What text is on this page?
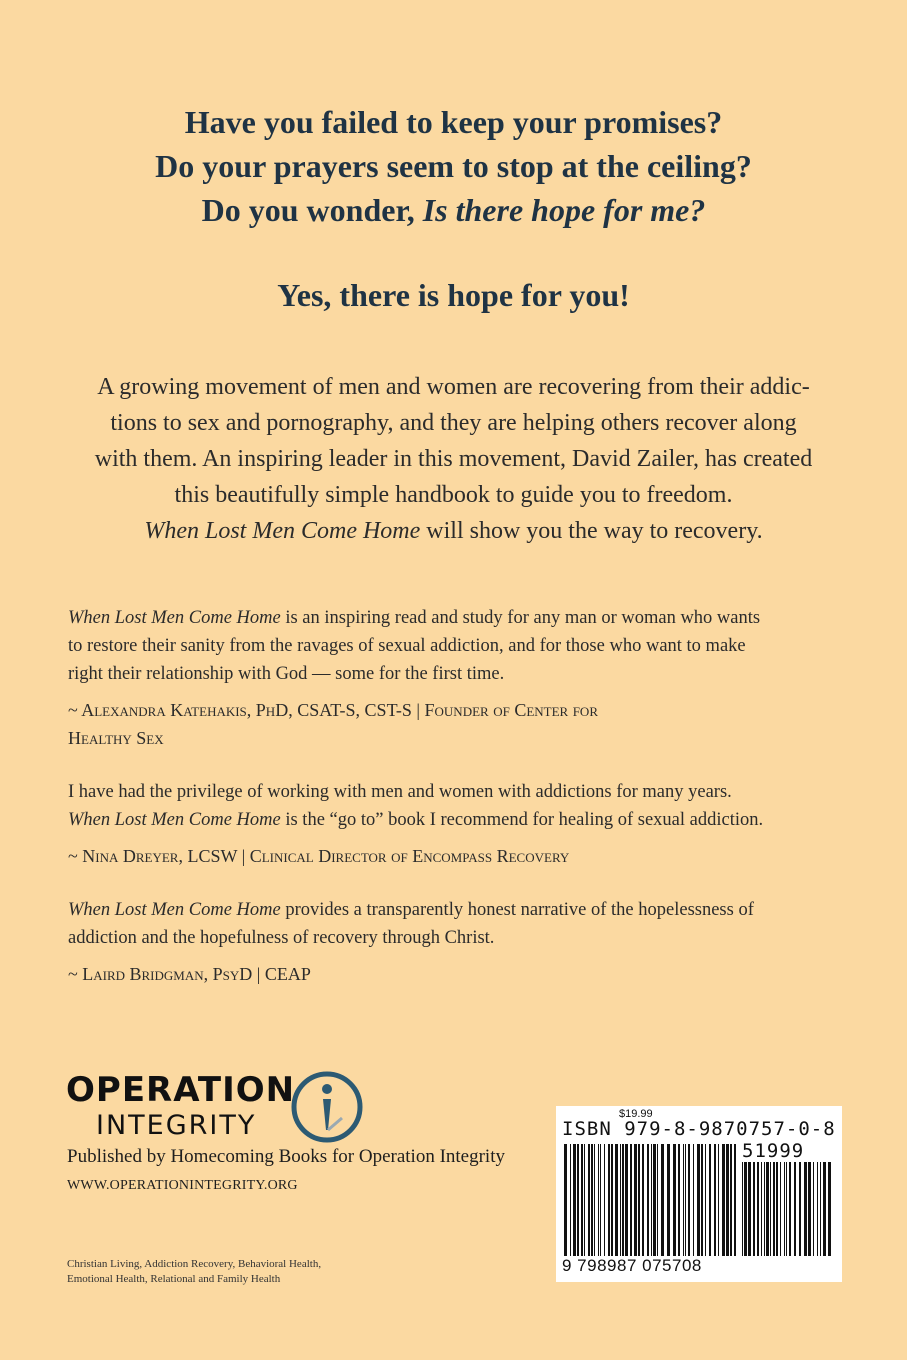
Have you failed to keep your promises?
Do your prayers seem to stop at the ceiling?
Do you wonder, Is there hope for me?
Yes, there is hope for you!
A growing movement of men and women are recovering from their addic-
tions to sex and pornography, and they are helping others recover along
with them. An inspiring leader in this movement, David Zailer, has created
this beautifully simple handbook to guide you to freedom.
When Lost Men Come Home will show you the way to recovery.
When Lost Men Come Home is an inspiring read and study for any man or woman who wants
to restore their sanity from the ravages of sexual addiction, and for those who want to make
right their relationship with God — some for the first time.
~ Alexandra Katehakis, PhD, CSAT-S, CST-S | Founder of Center for
Healthy Sex
I have had the privilege of working with men and women with addictions for many years.
When Lost Men Come Home is the “go to” book I recommend for healing of sexual addiction.
~ Nina Dreyer, LCSW | Clinical Director of Encompass Recovery
When Lost Men Come Home provides a transparently honest narrative of the hopelessness of
addiction and the hopefulness of recovery through Christ.
~ Laird Bridgman, PsyD | CEAP
OPERATION
INTEGRITY
Published by Homecoming Books for Operation Integrity
WWW.OPERATIONINTEGRITY.ORG
Christian Living, Addiction Recovery, Behavioral Health,
Emotional Health, Relational and Family Health
$19.99
ISBN 979-8-9870757-0-8
51999
9 798987 075708
